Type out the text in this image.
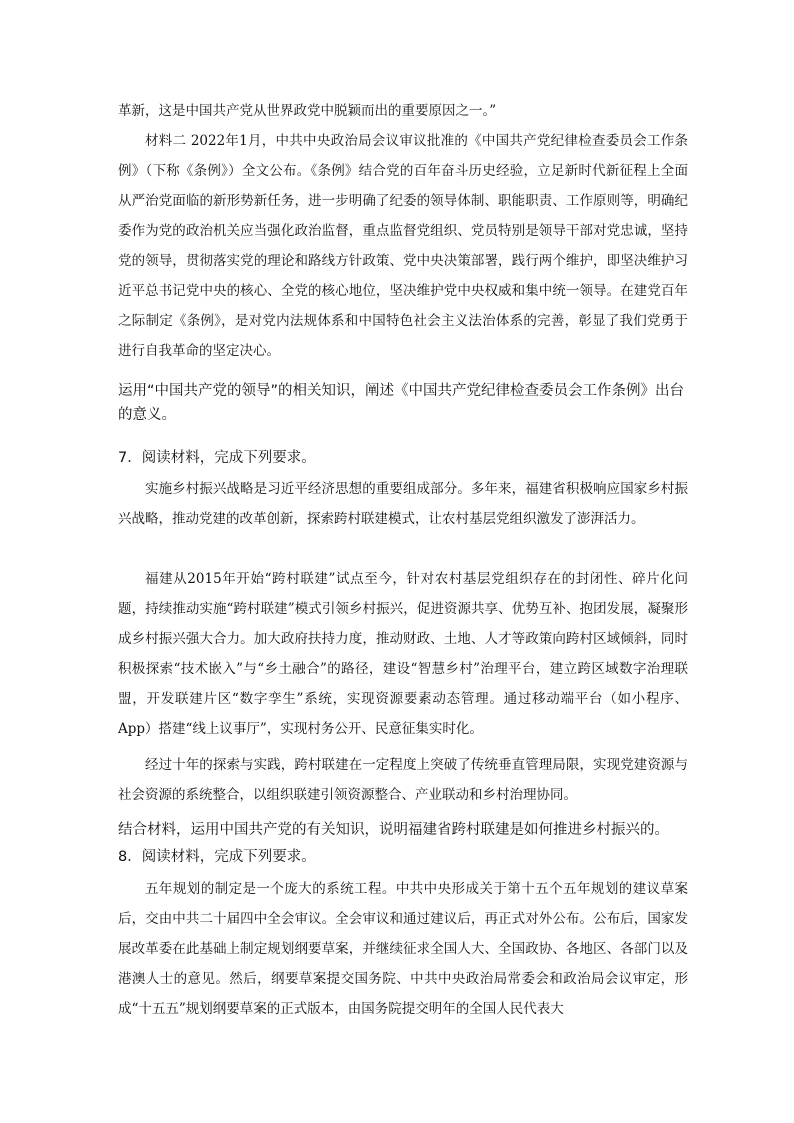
革新，这是中国共产党从世界政党中脱颖而出的重要原因之一。”

材料二 2022年1月，中共中央政治局会议审议批准的《中国共产党纪律检查委员会工作条例》（下称《条例》）全文公布。《条例》结合党的百年奋斗历史经验，立足新时代新征程上全面从严治党面临的新形势新任务，进一步明确了纪委的领导体制、职能职责、工作原则等，明确纪委作为党的政治机关应当强化政治监督，重点监督党组织、党员特别是领导干部对党忠诚，坚持党的领导，贯彻落实党的理论和路线方针政策、党中央决策部署，践行两个维护，即坚决维护习近平总书记党中央的核心、全党的核心地位，坚决维护党中央权威和集中统一领导。在建党百年之际制定《条例》，是对党内法规体系和中国特色社会主义法治体系的完善，彰显了我们党勇于进行自我革命的坚定决心。

运用“中国共产党的领导”的相关知识，阐述《中国共产党纪律检查委员会工作条例》出台的意义。

7．阅读材料，完成下列要求。

实施乡村振兴战略是习近平经济思想的重要组成部分。多年来，福建省积极响应国家乡村振兴战略，推动党建的改革创新，探索跨村联建模式，让农村基层党组织激发了澎湃活力。

福建从2015年开始“跨村联建”试点至今，针对农村基层党组织存在的封闭性、碎片化问题，持续推动实施“跨村联建”模式引领乡村振兴，促进资源共享、优势互补、抱团发展，凝聚形成乡村振兴强大合力。加大政府扶持力度，推动财政、土地、人才等政策向跨村区域倾斜，同时积极探索“技术嵌入”与“乡土融合”的路径，建设“智慧乡村”治理平台，建立跨区域数字治理联盟，开发联建片区“数字孪生”系统，实现资源要素动态管理。通过移动端平台（如小程序、App）搭建“线上议事厅”，实现村务公开、民意征集实时化。

经过十年的探索与实践，跨村联建在一定程度上突破了传统垂直管理局限，实现党建资源与社会资源的系统整合，以组织联建引领资源整合、产业联动和乡村治理协同。

结合材料，运用中国共产党的有关知识，说明福建省跨村联建是如何推进乡村振兴的。

8．阅读材料，完成下列要求。

五年规划的制定是一个庞大的系统工程。中共中央形成关于第十五个五年规划的建议草案后，交由中共二十届四中全会审议。全会审议和通过建议后，再正式对外公布。公布后，国家发展改革委在此基础上制定规划纲要草案，并继续征求全国人大、全国政协、各地区、各部门以及港澳人士的意见。然后，纲要草案提交国务院、中共中央政治局常委会和政治局会议审定，形成“十五五”规划纲要草案的正式版本，由国务院提交明年的全国人民代表大
